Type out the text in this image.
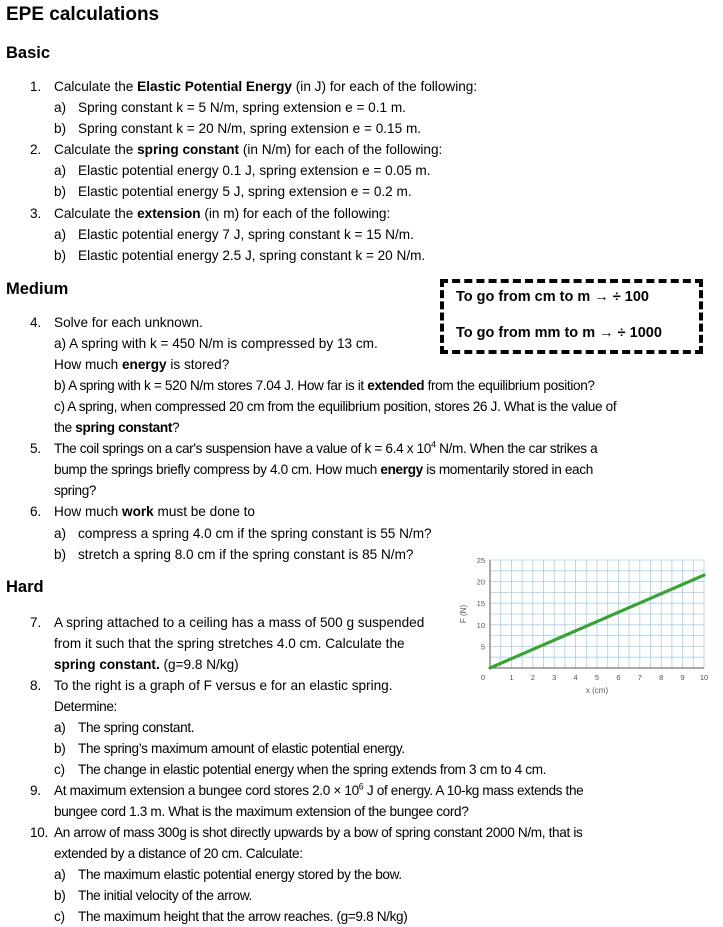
EPE calculations
Basic
1. Calculate the Elastic Potential Energy (in J) for each of the following:
a) Spring constant k = 5 N/m, spring extension e = 0.1 m.
b) Spring constant k = 20 N/m, spring extension e = 0.15 m.
2. Calculate the spring constant (in N/m) for each of the following:
a) Elastic potential energy 0.1 J, spring extension e = 0.05 m.
b) Elastic potential energy 5 J, spring extension e = 0.2 m.
3. Calculate the extension (in m) for each of the following:
a) Elastic potential energy 7 J, spring constant k = 15 N/m.
b) Elastic potential energy 2.5 J, spring constant k = 20 N/m.
Medium	To go from cm to m → ÷ 100
To go from mm to m → ÷ 1000
4. Solve for each unknown.
a) A spring with k = 450 N/m is compressed by 13 cm.
How much energy is stored?
b) A spring with k = 520 N/m stores 7.04 J. How far is it extended from the equilibrium position?
c) A spring, when compressed 20 cm from the equilibrium position, stores 26 J. What is the value of
the spring constant?
5. The coil springs on a car's suspension have a value of k = 6.4 x $10^4$ N/m. When the car strikes a
bump the springs briefly compress by 4.0 cm. How much energy is momentarily stored in each
spring?
6. How much work must be done to
a) compress a spring 4.0 cm if the spring constant is 55 N/m?
b) stretch a spring 8.0 cm if the spring constant is 85 N/m?
Hard
7. A spring attached to a ceiling has a mass of 500 g suspended
from it such that the spring stretches 4.0 cm. Calculate the
spring constant. (g=9.8 N/kg)
8. To the right is a graph of F versus e for an elastic spring.
Determine:
a) The spring constant.
b) The spring’s maximum amount of elastic potential energy.
c) The change in elastic potential energy when the spring extends from 3 cm to 4 cm.
9. At maximum extension a bungee cord stores $2.0 \times 10^6$ J of energy. A 10-kg mass extends the
bungee cord 1.3 m. What is the maximum extension of the bungee cord?
10. An arrow of mass 300g is shot directly upwards by a bow of spring constant 2000 N/m, that is
extended by a distance of 20 cm. Calculate:
a) The maximum elastic potential energy stored by the bow.
b) The initial velocity of the arrow.
c) The maximum height that the arrow reaches. (g=9.8 N/kg)
5
10
15
20
25
0	1 2 3 4 5 6 7 8 9 10
x (cm)
F (N)
